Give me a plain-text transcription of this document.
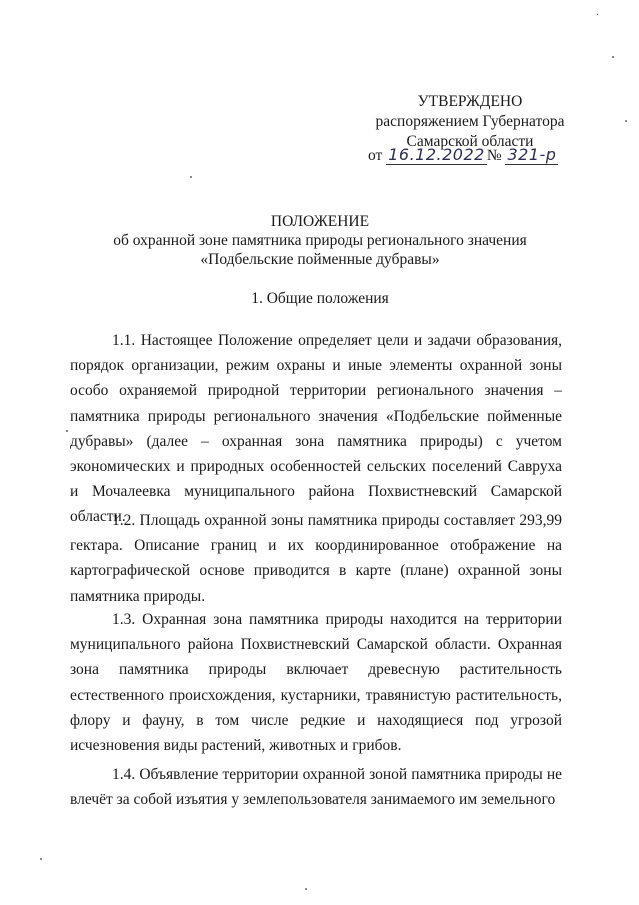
·
УТВЕРЖДЕНО
распоряжением Губернатора
Самарской области
от 16.12.2022 № 321-р
ПОЛОЖЕНИЕ
об охранной зоне памятника природы регионального значения
«Подбельские пойменные дубравы»
1. Общие положения

1.1. Настоящее Положение определяет цели и задачи образования, порядок организации, режим охраны и иные элементы охранной зоны особо охраняемой природной территории регионального значения – памятника природы регионального значения «Подбельские пойменные дубравы» (далее – охранная зона памятника природы) с учетом экономических и природных особенностей сельских поселений Савруха и Мочалеевка муниципального района Похвистневский Самарской области.

1.2. Площадь охранной зоны памятника природы составляет 293,99 гектара. Описание границ и их координированное отображение на картографической основе приводится в карте (плане) охранной зоны памятника природы.

1.3. Охранная зона памятника природы находится на территории муниципального района Похвистневский Самарской области. Охранная зона памятника природы включает древесную растительность естественного происхождения, кустарники, травянистую растительность, флору и фауну, в том числе редкие и находящиеся под угрозой исчезновения виды растений, животных и грибов.

1.4. Объявление территории охранной зоной памятника природы не влечёт за собой изъятия у землепользователя занимаемого им земельного
